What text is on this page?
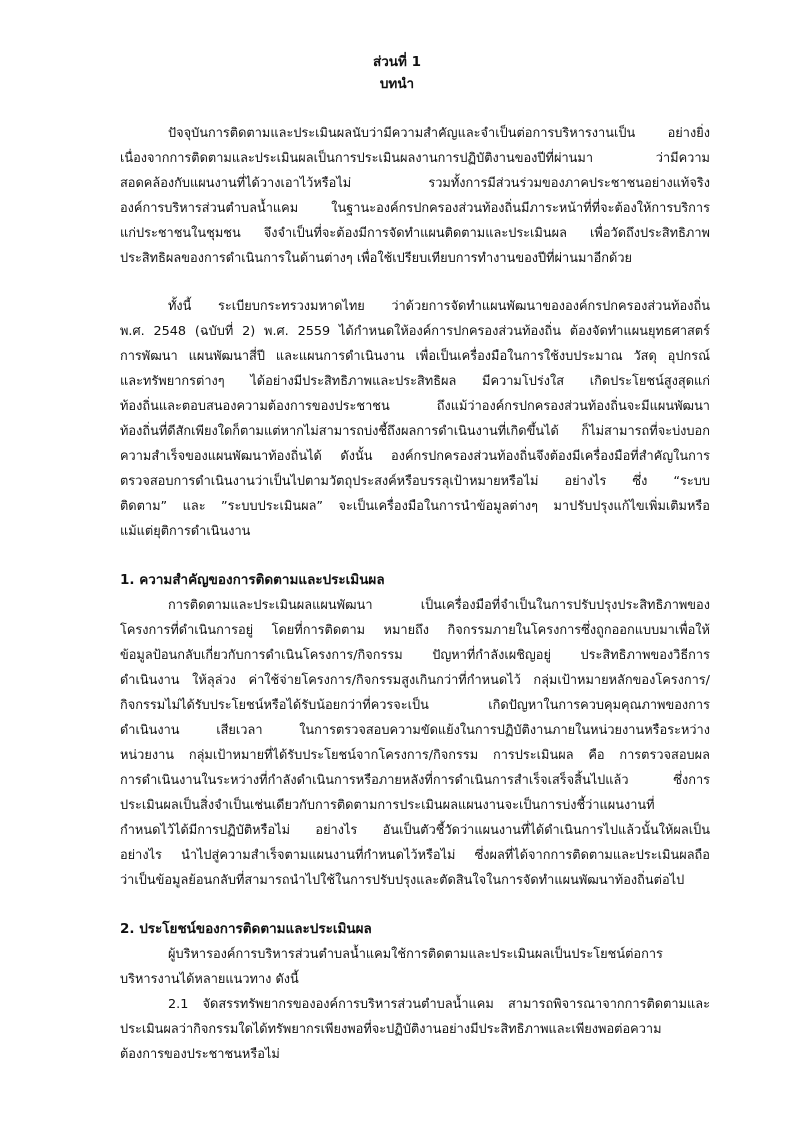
ส่วนที่ 1
บทนำ
ปัจจุบันการติดตามและประเมินผลนับว่ามีความสำคัญและจำเป็นต่อการบริหารงานเป็น อย่างยิ่ง
เนื่องจากการติดตามและประเมินผลเป็นการประเมินผลงานการปฏิบัติงานของปีที่ผ่านมา ว่ามีความ
สอดคล้องกับแผนงานที่ได้วางเอาไว้หรือไม่ รวมทั้งการมีส่วนร่วมของภาคประชาชนอย่างแท้จริง
องค์การบริหารส่วนตำบลน้ำแคม ในฐานะองค์กรปกครองส่วนท้องถิ่นมีภาระหน้าที่ที่จะต้องให้การบริการ
แก่ประชาชนในชุมชน จึงจำเป็นที่จะต้องมีการจัดทำแผนติดตามและประเมินผล เพื่อวัดถึงประสิทธิภาพ
ประสิทธิผลของการดำเนินการในด้านต่างๆ เพื่อใช้เปรียบเทียบการทำงานของปีที่ผ่านมาอีกด้วย
ทั้งนี้ ระเบียบกระทรวงมหาดไทย ว่าด้วยการจัดทำแผนพัฒนาขององค์กรปกครองส่วนท้องถิ่น
พ.ศ. 2548 (ฉบับที่ 2) พ.ศ. 2559 ได้กำหนดให้องค์การปกครองส่วนท้องถิ่น ต้องจัดทำแผนยุทธศาสตร์
การพัฒนา แผนพัฒนาสี่ปี และแผนการดำเนินงาน เพื่อเป็นเครื่องมือในการใช้งบประมาณ วัสดุ อุปกรณ์
และทรัพยากรต่างๆ ได้อย่างมีประสิทธิภาพและประสิทธิผล มีความโปร่งใส เกิดประโยชน์สูงสุดแก่
ท้องถิ่นและตอบสนองความต้องการของประชาชน ถึงแม้ว่าองค์กรปกครองส่วนท้องถิ่นจะมีแผนพัฒนา
ท้องถิ่นที่ดีสักเพียงใดก็ตามแต่หากไม่สามารถบ่งชี้ถึงผลการดำเนินงานที่เกิดขึ้นได้ ก็ไม่สามารถที่จะบ่งบอก
ความสำเร็จของแผนพัฒนาท้องถิ่นได้ ดังนั้น องค์กรปกครองส่วนท้องถิ่นจึงต้องมีเครื่องมือที่สำคัญในการ
ตรวจสอบการดำเนินงานว่าเป็นไปตามวัตถุประสงค์หรือบรรลุเป้าหมายหรือไม่ อย่างไร ซึ่ง “ระบบ
ติดตาม” และ ”ระบบประเมินผล” จะเป็นเครื่องมือในการนำข้อมูลต่างๆ มาปรับปรุงแก้ไขเพิ่มเติมหรือ
แม้แต่ยุติการดำเนินงาน
1. ความสำคัญของการติดตามและประเมินผล
การติดตามและประเมินผลแผนพัฒนา เป็นเครื่องมือที่จำเป็นในการปรับปรุงประสิทธิภาพของ
โครงการที่ดำเนินการอยู่ โดยที่การติดตาม หมายถึง กิจกรรมภายในโครงการซึ่งถูกออกแบบมาเพื่อให้
ข้อมูลป้อนกลับเกี่ยวกับการดำเนินโครงการ/กิจกรรม ปัญหาที่กำลังเผชิญอยู่ ประสิทธิภาพของวิธีการ
ดำเนินงาน ให้ลุล่วง ค่าใช้จ่ายโครงการ/กิจกรรมสูงเกินกว่าที่กำหนดไว้ กลุ่มเป้าหมายหลักของโครงการ/
กิจกรรมไม่ได้รับประโยชน์หรือได้รับน้อยกว่าที่ควรจะเป็น เกิดปัญหาในการควบคุมคุณภาพของการ
ดำเนินงาน เสียเวลา ในการตรวจสอบความขัดแย้งในการปฏิบัติงานภายในหน่วยงานหรือระหว่าง
หน่วยงาน กลุ่มเป้าหมายที่ได้รับประโยชน์จากโครงการ/กิจกรรม การประเมินผล คือ การตรวจสอบผล
การดำเนินงานในระหว่างที่กำลังดำเนินการหรือภายหลังที่การดำเนินการสำเร็จเสร็จสิ้นไปแล้ว ซึ่งการ
ประเมินผลเป็นสิ่งจำเป็นเช่นเดียวกับการติดตามการประเมินผลแผนงานจะเป็นการบ่งชี้ว่าแผนงานที่
กำหนดไว้ได้มีการปฏิบัติหรือไม่ อย่างไร อันเป็นตัวชี้วัดว่าแผนงานที่ได้ดำเนินการไปแล้วนั้นให้ผลเป็น
อย่างไร นำไปสู่ความสำเร็จตามแผนงานที่กำหนดไว้หรือไม่ ซึ่งผลที่ได้จากการติดตามและประเมินผลถือ
ว่าเป็นข้อมูลย้อนกลับที่สามารถนำไปใช้ในการปรับปรุงและตัดสินใจในการจัดทำแผนพัฒนาท้องถิ่นต่อไป
2. ประโยชน์ของการติดตามและประเมินผล
ผู้บริหารองค์การบริหารส่วนตำบลน้ำแคมใช้การติดตามและประเมินผลเป็นประโยชน์ต่อการ
บริหารงานได้หลายแนวทาง ดังนี้
2.1 จัดสรรทรัพยากรขององค์การบริหารส่วนตำบลน้ำแคม สามารถพิจารณาจากการติดตามและ
ประเมินผลว่ากิจกรรมใดได้ทรัพยากรเพียงพอที่จะปฏิบัติงานอย่างมีประสิทธิภาพและเพียงพอต่อความ
ต้องการของประชาชนหรือไม่
